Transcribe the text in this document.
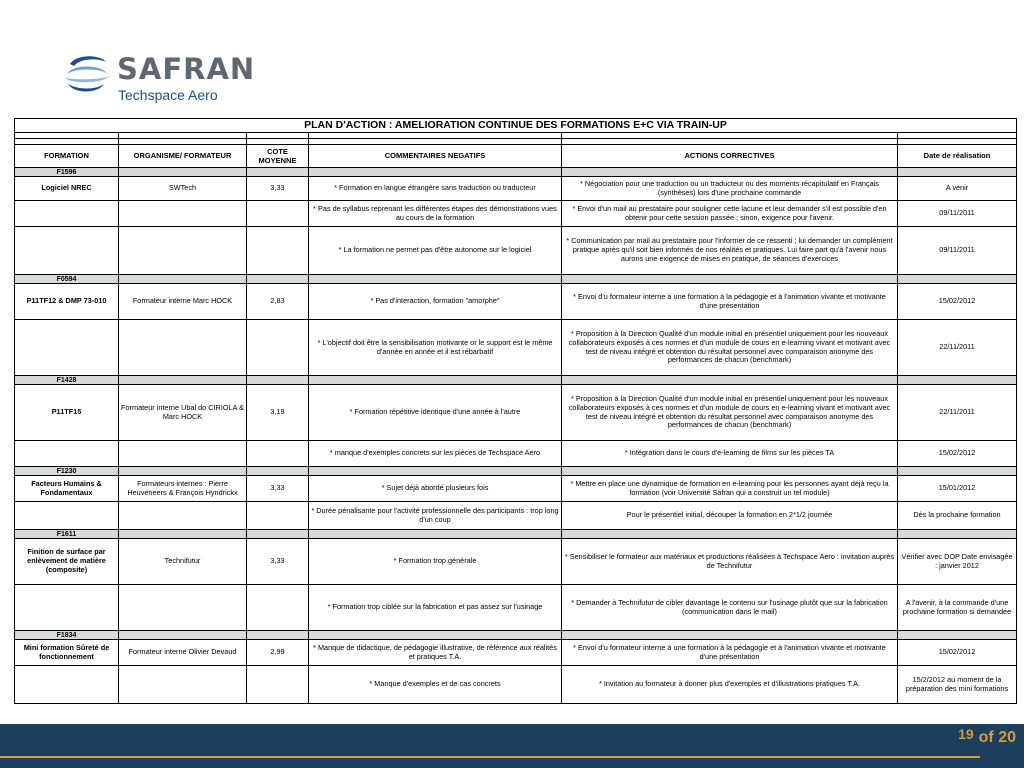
SAFRAN
Techspace Aero
PLAN D'ACTION : AMELIORATION CONTINUE DES FORMATIONS E+C VIA TRAIN-UP					

FORMATION	ORGANISME/ FORMATEUR	COTE MOYENNE	COMMENTAIRES NEGATIFS	ACTIONS CORRECTIVES	Date de réalisation
F1596					
Logiciel NREC	SWTech	3,33	* Formation en langue étrangère sans traduction ou traducteur	* Négociation pour une traduction ou un traducteur ou des moments récapitulatif en Français (synthèses) lors d'une prochaine commande	A venir
			* Pas de syllabus reprenant les différentes étapes des démonstrations vues au cours de la formation	* Envoi d'un mail au prestataire pour souligner cette lacune et leur demander s'il est possible d'en obtenir pour cette session passée ; sinon, exigence pour l'avenir.	09/11/2011
			* La formation ne permet pas d'être autonome sur le logiciel	* Communication par mail au prestataire pour l'informer de ce ressenti ; lui demander un complément pratique après qu'il soit bien informés de nos réalités et pratiques. Lui faire part qu'à l'avenir nous aurons une exigence de mises en pratique, de séances d'exercices	09/11/2011
F0594					
P11TF12 & DMP 73-010	Formateur interne Marc HOCK	2,83	* Pas d'interaction, formation "amorphe"	* Envoi d'u formateur interne à une formation à la pédagogie et à l'animation vivante et motivante d'une présentation	15/02/2012
			* L'objectif doit être la sensibilisation motivante or le support est le même d'année en année et il est rébarbatif	* Proposition à la Direction Qualité d'un module initial en présentiel uniquement pour les nouveaux collaborateurs exposés à ces normes et d'un module de cours en e-learning vivant et motivant avec test de niveau intégré et obtention du résultat personnel avec comparaison anonyme des performances de chacun (benchmark)	22/11/2011
F1428					
P11TF15	Formateur interne Ubal do CIRIOLA & Marc HOCK	3,19	* Formation répétitive identique d'une année à l'autre	* Proposition à la Direction Qualité d'un module initial en présentiel uniquement pour les nouveaux collaborateurs exposés à ces normes et d'un module de cours en e-learning vivant et motivant avec test de niveau intégré et obtention du résultat personnel avec comparaison anonyme des performances de chacun (benchmark)	22/11/2011
			* manque d'exemples concrets sur les pièces de Techspace Aero	* Intégration dans le cours d'e-learning de films sur les pièces TA	15/02/2012
F1230					
Facteurs Humains & Fondamentaux	Formateurs internes : Pierre Heuveneers & François Hyndrickx	3,33	* Sujet déjà abordé plusieurs fois	* Mettre en place une dynamique de formation en e-learning pour les personnes ayant déjà reçu la formation (voir Université Safran qui a construit un tel module)	15/01/2012
			* Durée pénalisante pour l'activité professionnelle des participants : trop long d'un coup	Pour le présentiel initial, découper la formation en 2*1/2 journée	Dès la prochaine formation
F1611					
Finition de surface par enlèvement de matière (composite)	Technifutur	3,33	* Formation trop générale	* Sensibiliser le formateur aux matériaux et productions réalisées à Techspace Aero : invitation auprès de Technifutur	Vérifier avec DOP Date envisagée : janvier 2012
			* Formation trop ciblée sur la fabrication et pas assez sur l'usinage	* Demander à Technifutur de cibler davantage le contenu sur l'usinage plutôt que sur la fabrication (communication dans le mail)	A l'avenir, à la commande d'une prochaine formation si demandée
F1834					
Mini formation Sûreté de fonctionnement	Formateur interne Olivier Devaud	2,99	* Manque de didactique, de pédagogie illustrative, de référence aux réalités et pratiques T.A.	* Envoi d'u formateur interne à une formation à la pédagogie et à l'animation vivante et motivante d'une présentation	15/02/2012
			* Manque d'exemples et de cas concrets	* Invitation au formateur à donner plus d'exemples et d'illustrations pratiques T.A.	15/2/2012 au moment de la préparation des mini formations
19 of 20
